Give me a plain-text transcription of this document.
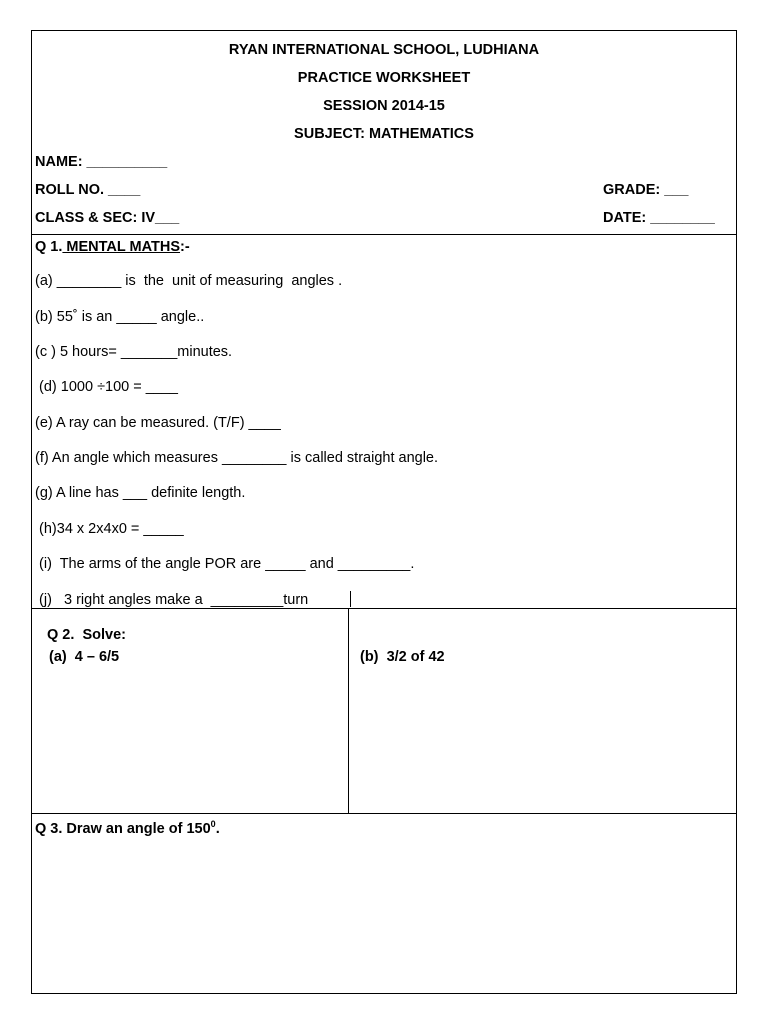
RYAN INTERNATIONAL SCHOOL, LUDHIANA
PRACTICE WORKSHEET
SESSION 2014-15
SUBJECT: MATHEMATICS
NAME: __________
ROLL NO. ____	GRADE: ___
CLASS & SEC: IV___	DATE: ________
Q 1. MENTAL MATHS:-
(a) ________ is  the  unit of measuring  angles .
(b) 55˚ is an _____ angle..
(c ) 5 hours= _______minutes.
(d) 1000 ÷100 = ____
(e) A ray can be measured. (T/F) ____
(f) An angle which measures ________ is called straight angle.
(g) A line has ___ definite length.
(h)34 x 2x4x0 = _____
(i)  The arms of the angle POR are _____ and _________.
(j)   3 right angles make a  _________turn
Q 2.  Solve:
(a)  4 – 6/5	(b)  3/2 of 42
Q 3. Draw an angle of $150^0$.
